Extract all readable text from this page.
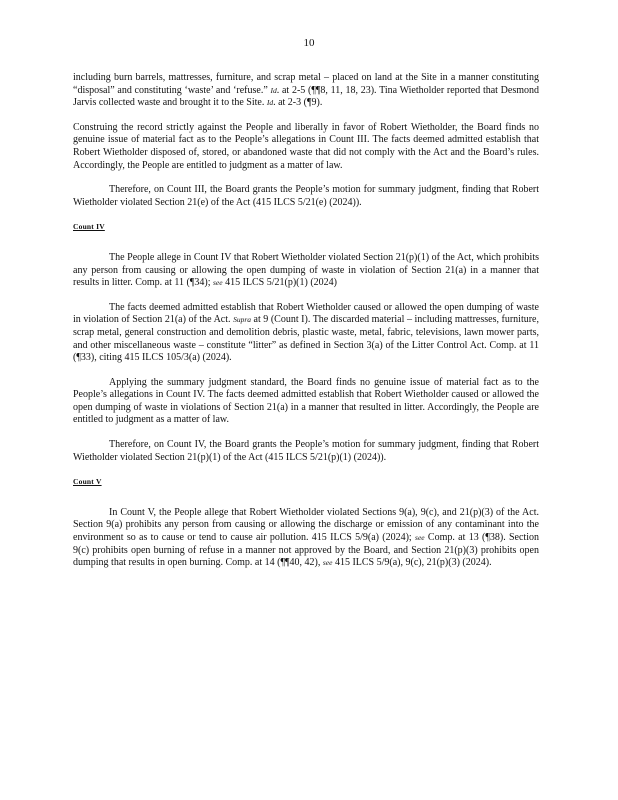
10

including burn barrels, mattresses, furniture, and scrap metal – placed on land at the Site in a manner constituting “disposal” and constituting ‘waste’ and ‘refuse.” Id. at 2-5 (¶¶8, 11, 18, 23). Tina Wietholder reported that Desmond Jarvis collected waste and brought it to the Site. Id. at 2-3 (¶9).

Construing the record strictly against the People and liberally in favor of Robert Wietholder, the Board finds no genuine issue of material fact as to the People’s allegations in Count III. The facts deemed admitted establish that Robert Wietholder disposed of, stored, or abandoned waste that did not comply with the Act and the Board’s rules. Accordingly, the People are entitled to judgment as a matter of law.

Therefore, on Count III, the Board grants the People’s motion for summary judgment, finding that Robert Wietholder violated Section 21(e) of the Act (415 ILCS 5/21(e) (2024)).

Count IV

The People allege in Count IV that Robert Wietholder violated Section 21(p)(1) of the Act, which prohibits any person from causing or allowing the open dumping of waste in violation of Section 21(a) in a manner that results in litter. Comp. at 11 (¶34); see 415 ILCS 5/21(p)(1) (2024)

The facts deemed admitted establish that Robert Wietholder caused or allowed the open dumping of waste in violation of Section 21(a) of the Act. Supra at 9 (Count I). The discarded material – including mattresses, furniture, scrap metal, general construction and demolition debris, plastic waste, metal, fabric, televisions, lawn mower parts, and other miscellaneous waste – constitute “litter” as defined in Section 3(a) of the Litter Control Act. Comp. at 11 (¶33), citing 415 ILCS 105/3(a) (2024).

Applying the summary judgment standard, the Board finds no genuine issue of material fact as to the People’s allegations in Count IV. The facts deemed admitted establish that Robert Wietholder caused or allowed the open dumping of waste in violations of Section 21(a) in a manner that resulted in litter. Accordingly, the People are entitled to judgment as a matter of law.

Therefore, on Count IV, the Board grants the People’s motion for summary judgment, finding that Robert Wietholder violated Section 21(p)(1) of the Act (415 ILCS 5/21(p)(1) (2024)).

Count V

In Count V, the People allege that Robert Wietholder violated Sections 9(a), 9(c), and 21(p)(3) of the Act. Section 9(a) prohibits any person from causing or allowing the discharge or emission of any contaminant into the environment so as to cause or tend to cause air pollution. 415 ILCS 5/9(a) (2024); see Comp. at 13 (¶38). Section 9(c) prohibits open burning of refuse in a manner not approved by the Board, and Section 21(p)(3) prohibits open dumping that results in open burning. Comp. at 14 (¶¶40, 42), see 415 ILCS 5/9(a), 9(c), 21(p)(3) (2024).
